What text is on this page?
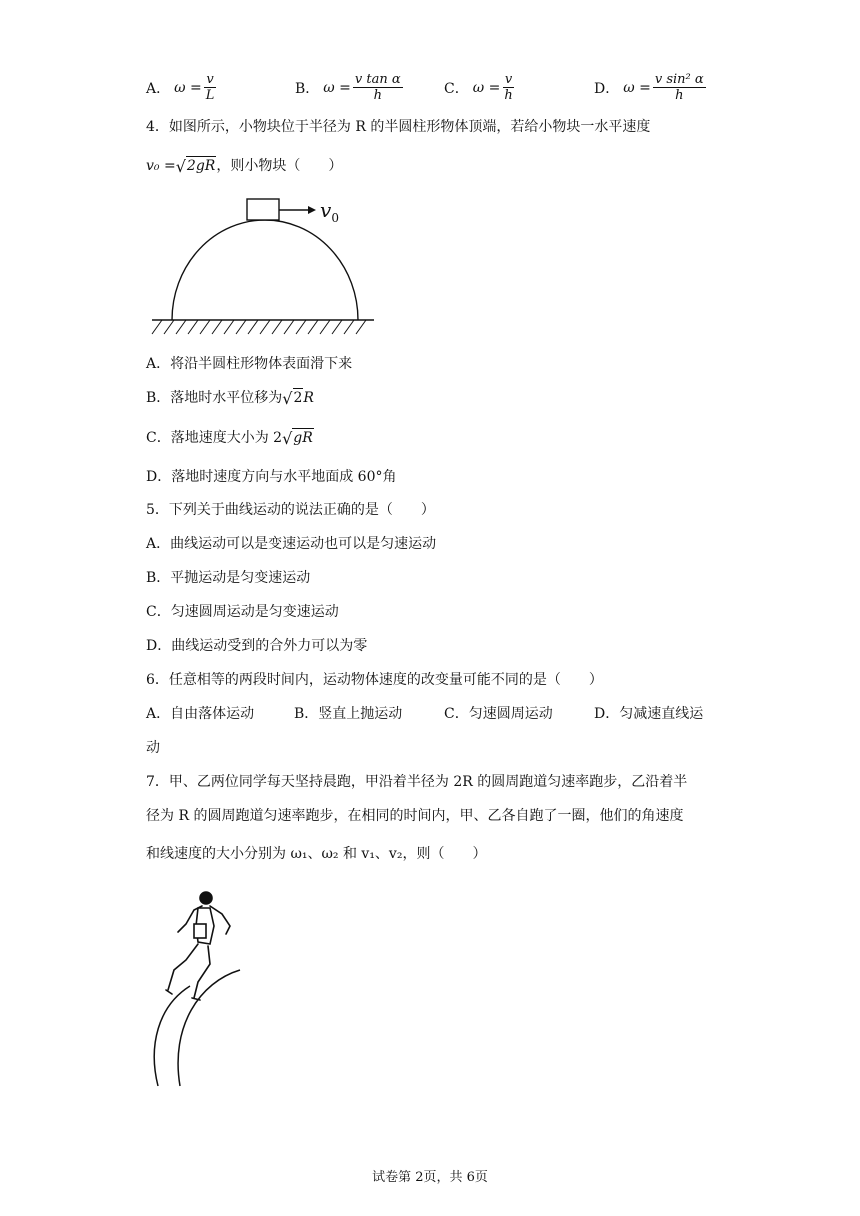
A． $\omega = \frac{v}{L}$	B． $\omega = \frac{\text{v tan α}}{h}$	C． $\omega = \frac{v}{h}$	D． $\omega = \frac{\text{v sin² α}}{h}$
4．如图所示，小物块位于半径为 R 的半圆柱形物体顶端，若给小物块一水平速度
v₀ = √ 2gR ，则小物块（　　）
$v_0$
A．将沿半圆柱形物体表面滑下来
B．落地时水平位移为 √ 2 R
C．落地速度大小为 2 √ gR
D．落地时速度方向与水平地面成 60°角
5．下列关于曲线运动的说法正确的是（　　）
A．曲线运动可以是变速运动也可以是匀速运动
B．平抛运动是匀变速运动
C．匀速圆周运动是匀变速运动
D．曲线运动受到的合外力可以为零
6．任意相等的两段时间内，运动物体速度的改变量可能不同的是（　　）
A．自由落体运动	B．竖直上抛运动	C．匀速圆周运动	D．匀减速直线运
动
7．甲、乙两位同学每天坚持晨跑，甲沿着半径为 2R 的圆周跑道匀速率跑步，乙沿着半
径为 R 的圆周跑道匀速率跑步，在相同的时间内，甲、乙各自跑了一圈，他们的角速度
和线速度的大小分别为 ω₁、ω₂ 和 v₁、v₂，则（　　）
试卷第 2页，共 6页
